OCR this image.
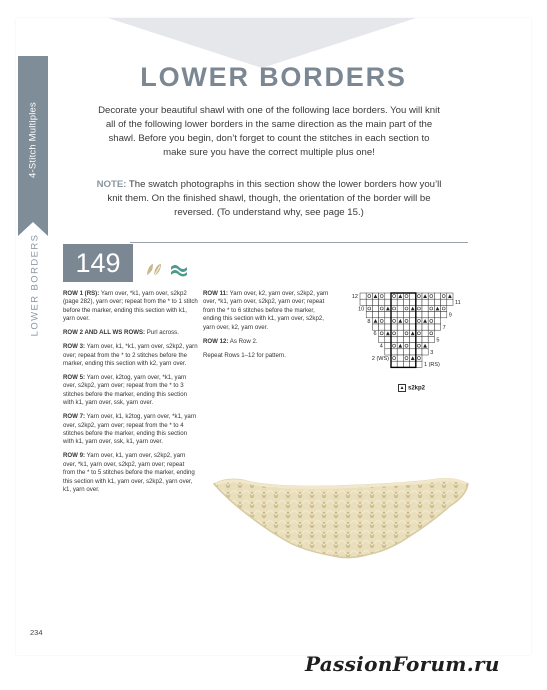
4-Stitch Multiples
LOWER BORDERS
LOWER BORDERS
Decorate your beautiful shawl with one of the following lace borders. You will knit all of the following lower borders in the same direction as the main part of the shawl. Before you begin, don’t forget to count the stitches in each section to make sure you have the correct multiple plus one!
NOTE: The swatch photographs in this section show the lower borders how you’ll knit them. On the finished shawl, though, the orientation of the border will be reversed. (To understand why, see page 15.)
149

ROW 1 (RS): Yarn over, *k1, yarn over, s2kp2 (page 282), yarn over; repeat from the * to 1 stitch before the marker, ending this section with k1, yarn over.

ROW 2 AND ALL WS ROWS: Purl across.

ROW 3: Yarn over, k1, *k1, yarn over, s2kp2, yarn over; repeat from the * to 2 stitches before the marker, ending this section with k2, yarn over.

ROW 5: Yarn over, k2tog, yarn over, *k1, yarn over, s2kp2, yarn over; repeat from the * to 3 stitches before the marker, ending this section with k1, yarn over, ssk, yarn over.

ROW 7: Yarn over, k1, k2tog, yarn over, *k1, yarn over, s2kp2, yarn over; repeat from the * to 4 stitches before the marker, ending this section with k1, yarn over, ssk, k1, yarn over.

ROW 9: Yarn over, k1, yarn over, s2kp2, yarn over, *k1, yarn over, s2kp2, yarn over; repeat from the * to 5 stitches before the marker, ending this section with k1, yarn over, s2kp2, yarn over, k1, yarn over.

ROW 11: Yarn over, k2, yarn over, s2kp2, yarn over, *k1, yarn over, s2kp2, yarn over; repeat from the * to 6 stitches before the marker, ending this section with k1, yarn over, s2kp2, yarn over, k2, yarn over.

ROW 12: As Row 2.

Repeat Rows 1–12 for pattern.

12
10
8
6
4
2 (WS)
11
9
7
5
3
1 (RS)
▲ s2kp2
234
PassionForum.ru
